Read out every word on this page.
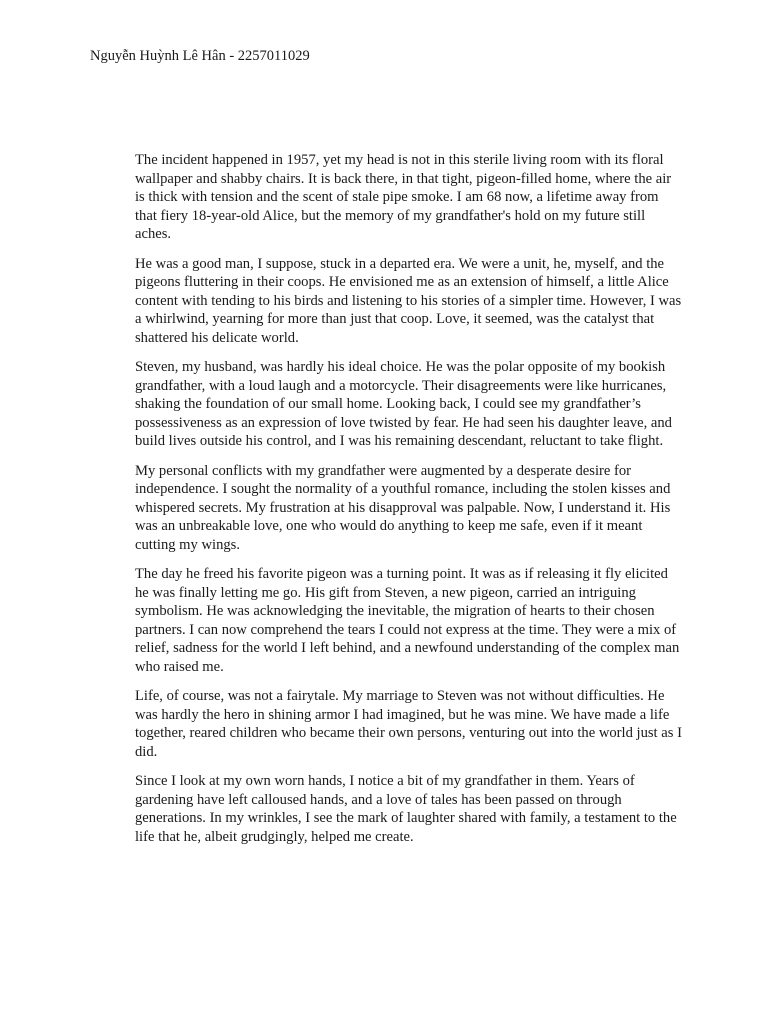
Nguyễn Huỳnh Lê Hân - 2257011029

The incident happened in 1957, yet my head is not in this sterile living room with its floral wallpaper and shabby chairs. It is back there, in that tight, pigeon-filled home, where the air is thick with tension and the scent of stale pipe smoke. I am 68 now, a lifetime away from that fiery 18-year-old Alice, but the memory of my grandfather's hold on my future still aches.

He was a good man, I suppose, stuck in a departed era. We were a unit, he, myself, and the pigeons fluttering in their coops. He envisioned me as an extension of himself, a little Alice content with tending to his birds and listening to his stories of a simpler time. However, I was a whirlwind, yearning for more than just that coop. Love, it seemed, was the catalyst that shattered his delicate world.

Steven, my husband, was hardly his ideal choice. He was the polar opposite of my bookish grandfather, with a loud laugh and a motorcycle. Their disagreements were like hurricanes, shaking the foundation of our small home. Looking back, I could see my grandfather’s possessiveness as an expression of love twisted by fear. He had seen his daughter leave, and build lives outside his control, and I was his remaining descendant, reluctant to take flight.

My personal conflicts with my grandfather were augmented by a desperate desire for independence. I sought the normality of a youthful romance, including the stolen kisses and whispered secrets. My frustration at his disapproval was palpable. Now, I understand it. His was an unbreakable love, one who would do anything to keep me safe, even if it meant cutting my wings.

The day he freed his favorite pigeon was a turning point. It was as if releasing it fly elicited he was finally letting me go. His gift from Steven, a new pigeon, carried an intriguing symbolism. He was acknowledging the inevitable, the migration of hearts to their chosen partners. I can now comprehend the tears I could not express at the time. They were a mix of relief, sadness for the world I left behind, and a newfound understanding of the complex man who raised me.

Life, of course, was not a fairytale. My marriage to Steven was not without difficulties. He was hardly the hero in shining armor I had imagined, but he was mine. We have made a life together, reared children who became their own persons, venturing out into the world just as I did.

Since I look at my own worn hands, I notice a bit of my grandfather in them. Years of gardening have left calloused hands, and a love of tales has been passed on through generations. In my wrinkles, I see the mark of laughter shared with family, a testament to the life that he, albeit grudgingly, helped me create.
